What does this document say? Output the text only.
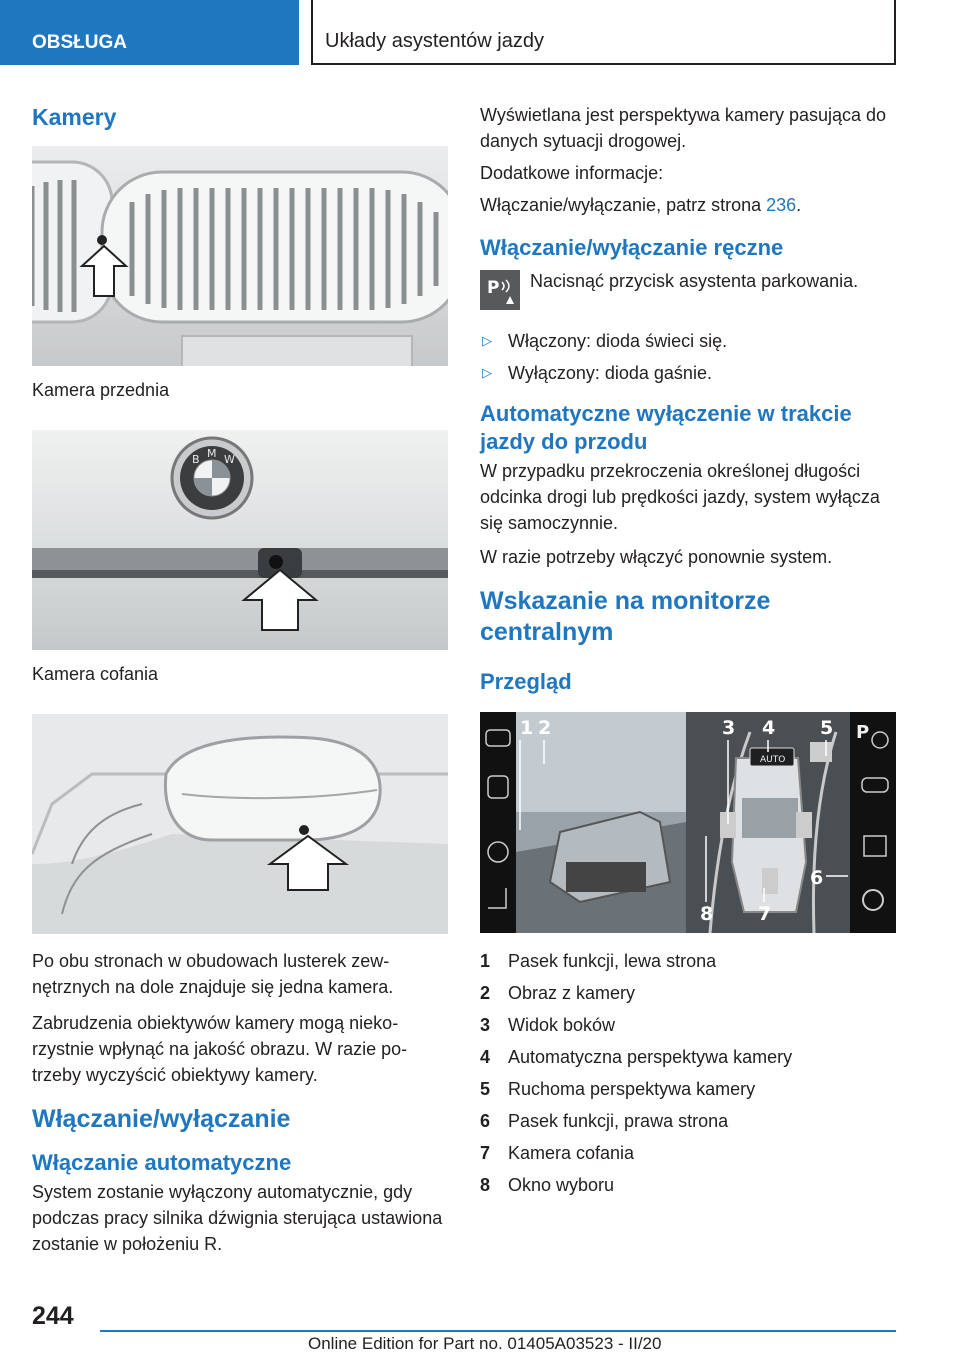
OBSŁUGA	Układy asystentów jazdy
Kamery
Kamera przednia
B M W
Kamera cofania

Po obu stronach w obudowach lusterek zewnętrznych na dole znajduje się jedna kamera.

Zabrudzenia obiektywów kamery mogą niekorzystnie wpłynąć na jakość obrazu. W razie potrzeby wyczyścić obiektywy kamery.

Włączanie/wyłączanie
Włączanie automatyczne

System zostanie wyłączony automatycznie, gdy podczas pracy silnika dźwignia sterująca ustawiona zostanie w położeniu R.

Wyświetlana jest perspektywa kamery pasująca do danych sytuacji drogowej.

Dodatkowe informacje:

Włączanie/wyłączanie, patrz strona 236.

Włączanie/wyłączanie ręczne
P Nacisnąć przycisk asystenta parkowania.

▷ Włączony: dioda świeci się.
▷ Wyłączony: dioda gaśnie.
Automatyczne wyłączenie w trakcie jazdy do przodu

W przypadku przekroczenia określonej długości odcinka drogi lub prędkości jazdy, system wyłącza się samoczynnie.

W razie potrzeby włączyć ponownie system.

Wskazanie na monitorze centralnym
Przegląd
AUTO
P
1 2	3 4 5
6
7
8
1 Pasek funkcji, lewa strona
2 Obraz z kamery
3 Widok boków
4 Automatyczna perspektywa kamery
5 Ruchoma perspektywa kamery
6 Pasek funkcji, prawa strona
7 Kamera cofania
8 Okno wyboru
244
Online Edition for Part no. 01405A03523 - II/20
